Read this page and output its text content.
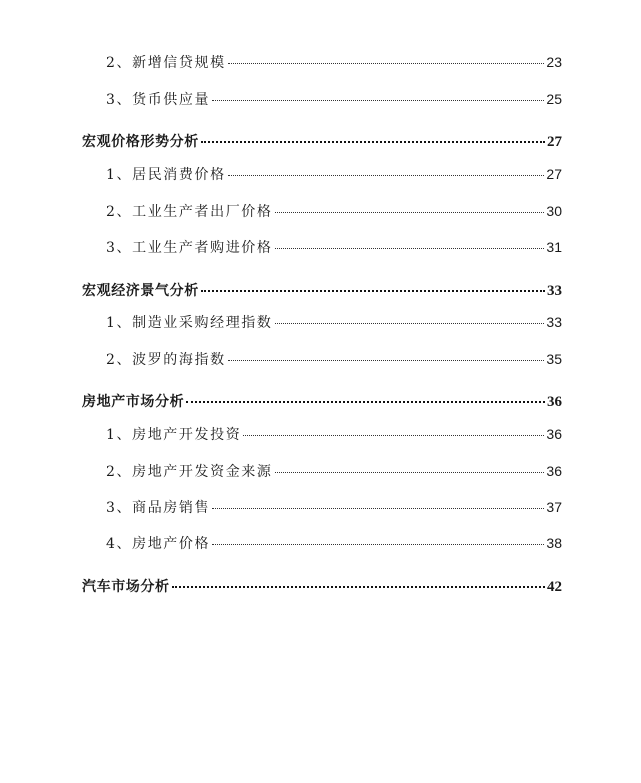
2、新增信贷规模	23
3、货币供应量	25
宏观价格形势分析	27
1、居民消费价格	27
2、工业生产者出厂价格	30
3、工业生产者购进价格	31
宏观经济景气分析	33
1、制造业采购经理指数	33
2、波罗的海指数	35
房地产市场分析	36
1、房地产开发投资	36
2、房地产开发资金来源	36
3、商品房销售	37
4、房地产价格	38
汽车市场分析	42
